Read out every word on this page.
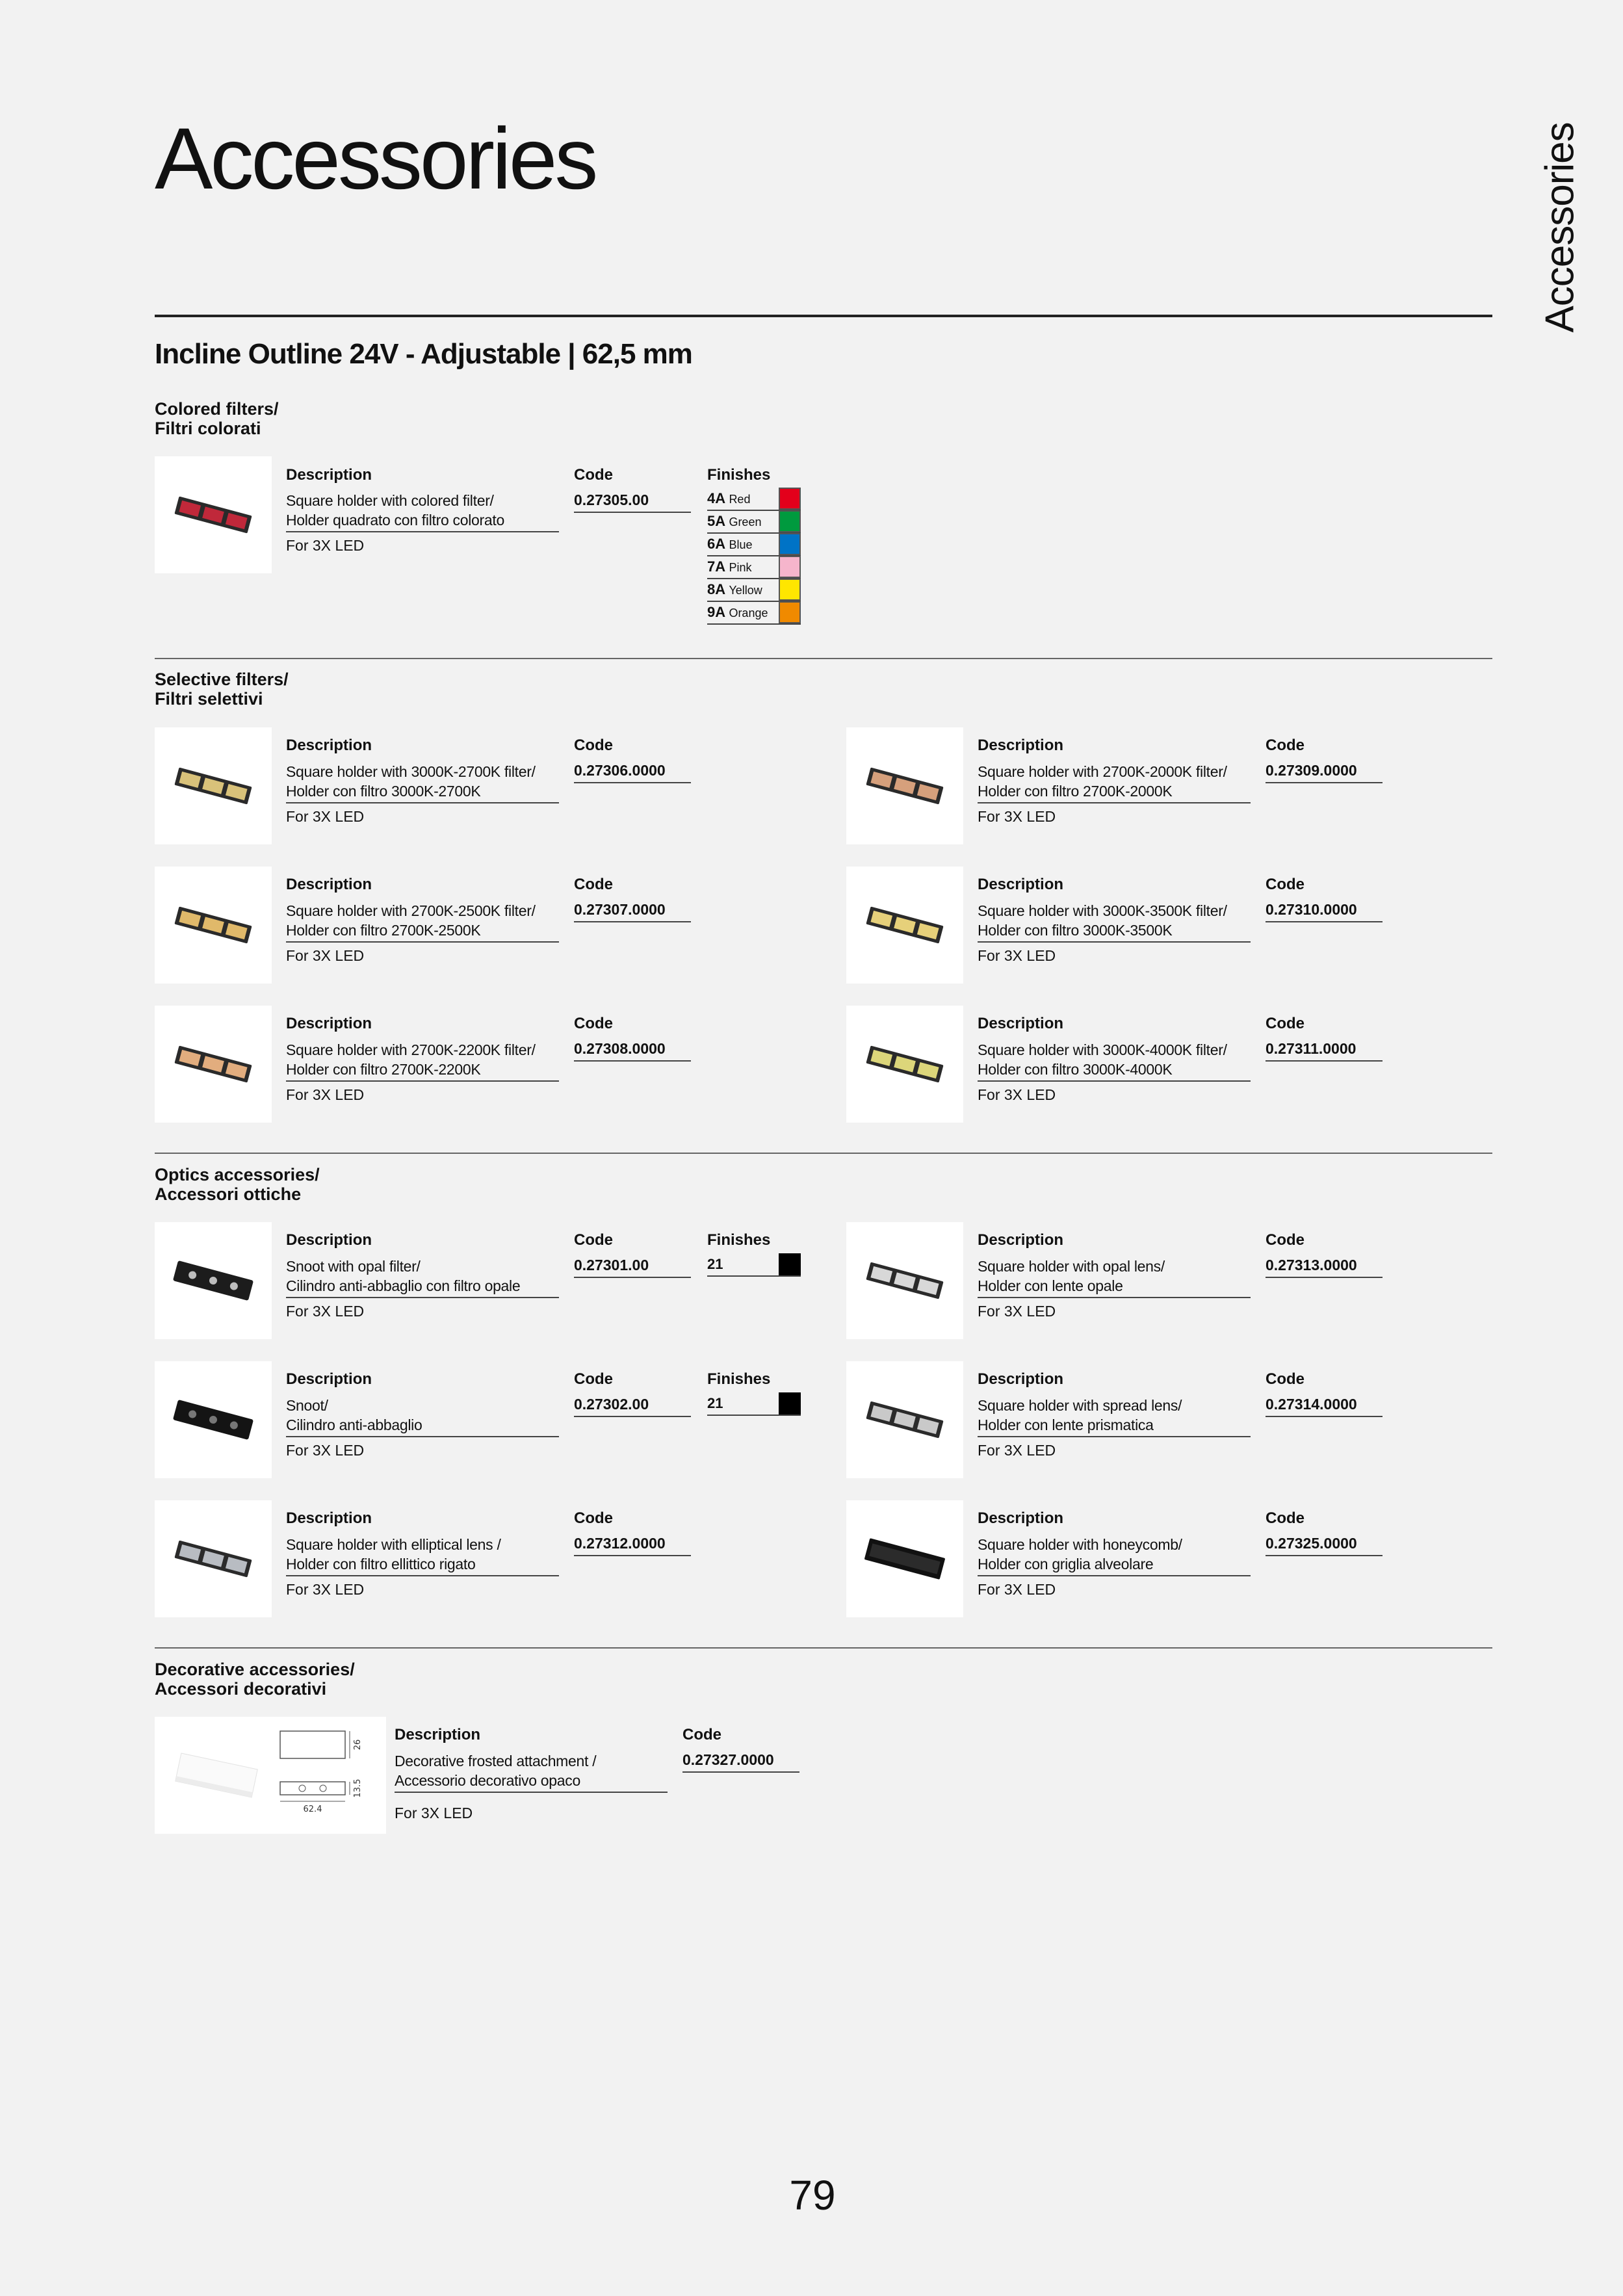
Accessories	Accessories
Incline Outline 24V - Adjustable | 62,5 mm
Colored filters/
Filtri colorati
Description
Square holder with colored filter/
Holder quadrato con filtro colorato
For 3X LED
Code
0.27305.00
Finishes
4A Red
5A Green
6A Blue
7A Pink
8A Yellow
9A Orange
Selective filters/
Filtri selettivi
Description
Square holder with 3000K-2700K filter/
Holder con filtro 3000K-2700K
For 3X LED
Code
0.27306.0000
Description
Square holder with 2700K-2000K filter/
Holder con filtro 2700K-2000K
For 3X LED
Code
0.27309.0000
Description
Square holder with 2700K-2500K filter/
Holder con filtro 2700K-2500K
For 3X LED
Code
0.27307.0000
Description
Square holder with 3000K-3500K filter/
Holder con filtro 3000K-3500K
For 3X LED
Code
0.27310.0000
Description
Square holder with 2700K-2200K filter/
Holder con filtro 2700K-2200K
For 3X LED
Code
0.27308.0000
Description
Square holder with 3000K-4000K filter/
Holder con filtro 3000K-4000K
For 3X LED
Code
0.27311.0000
Optics accessories/
Accessori ottiche
Description
Snoot with opal filter/
Cilindro anti-abbaglio con filtro opale
For 3X LED
Code
0.27301.00
Finishes
21
Description
Square holder with opal lens/
Holder con lente opale
For 3X LED
Code
0.27313.0000
Description
Snoot/
Cilindro anti-abbaglio
For 3X LED
Code
0.27302.00
Finishes
21
Description
Square holder with spread lens/
Holder con lente prismatica
For 3X LED
Code
0.27314.0000
Description
Square holder with elliptical lens /
Holder con filtro ellittico rigato
For 3X LED
Code
0.27312.0000
Description
Square holder with honeycomb/
Holder con griglia alveolare
For 3X LED
Code
0.27325.0000
Decorative accessories/
Accessori decorativi
62.4
26
13.5
Description
Decorative frosted attachment /
Accessorio decorativo opaco
For 3X LED
Code
0.27327.0000
79
